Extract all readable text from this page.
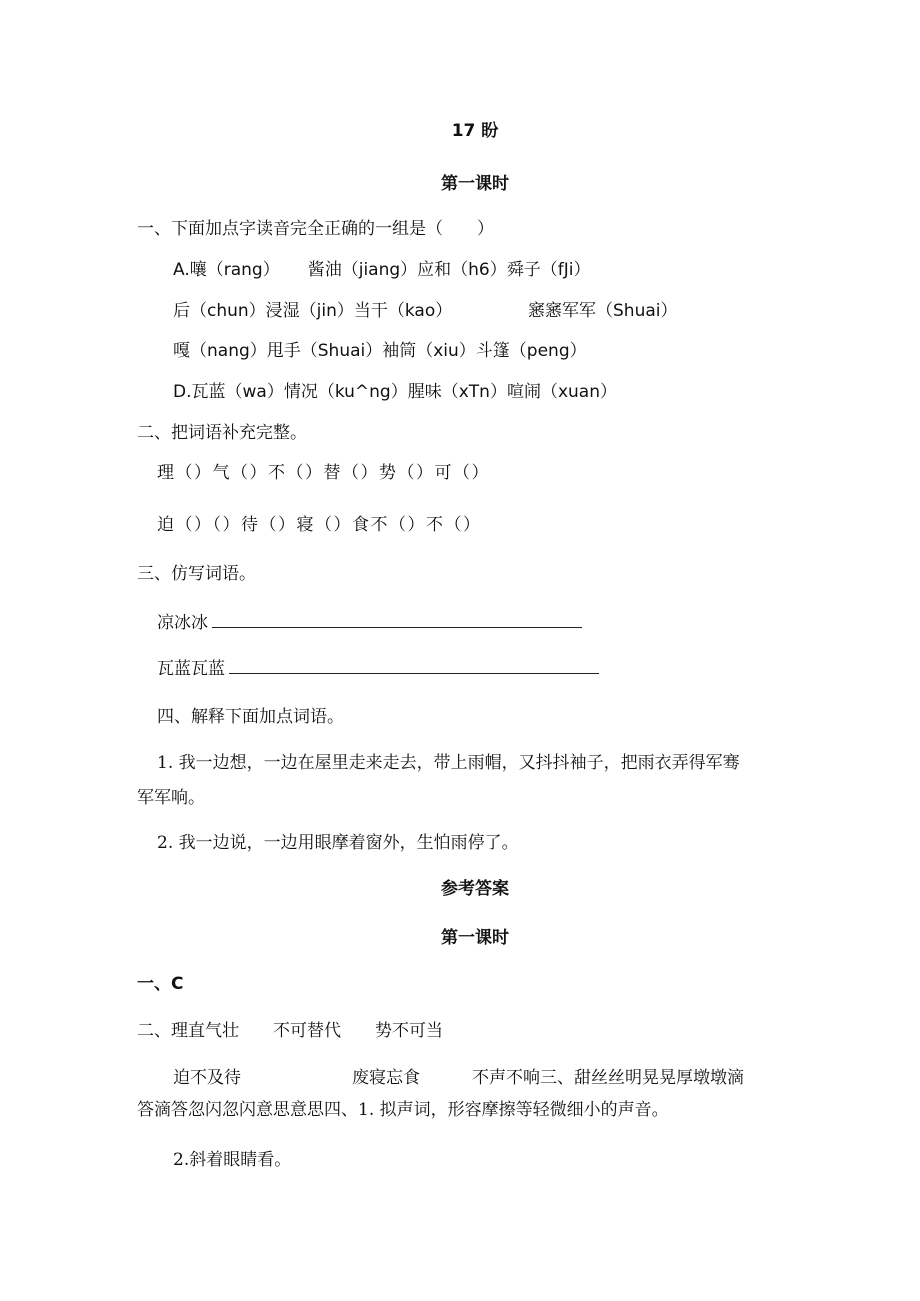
17 盼
第一课时
一、下面加点字读音完全正确的一组是（　　）
A.嚷（rang） 酱油（jiang）应和（h6）舜子（fJi）
后（chun）浸湿（jin）当干（kao）	窸窸军军（Shuai）
嘎（nang）甩手（Shuai）袖筒（xiu）斗篷（peng）
D.瓦蓝（wa）情况（ku^ng）腥味（xTn）喧闹（xuan）
二、把词语补充完整。
理（）气（）不（）替（）势（）可（）
迫（）（）待（）寝（）食不（）不（）
三、仿写词语。
凉冰冰
瓦蓝瓦蓝
四、解释下面加点词语。
1. 我一边想，一边在屋里走来走去，带上雨帽，又抖抖袖子，把雨衣弄得军骞
军军响。
2. 我一边说，一边用眼摩着窗外，生怕雨停了。
参考答案
第一课时
一、C
二、理直气壮 不可替代 势不可当
迫不及待	废寝忘食	不声不响三、甜丝丝明晃晃厚墩墩滴
答滴答忽闪忽闪意思意思四、1. 拟声词，形容摩擦等轻微细小的声音。
2.斜着眼睛看。
